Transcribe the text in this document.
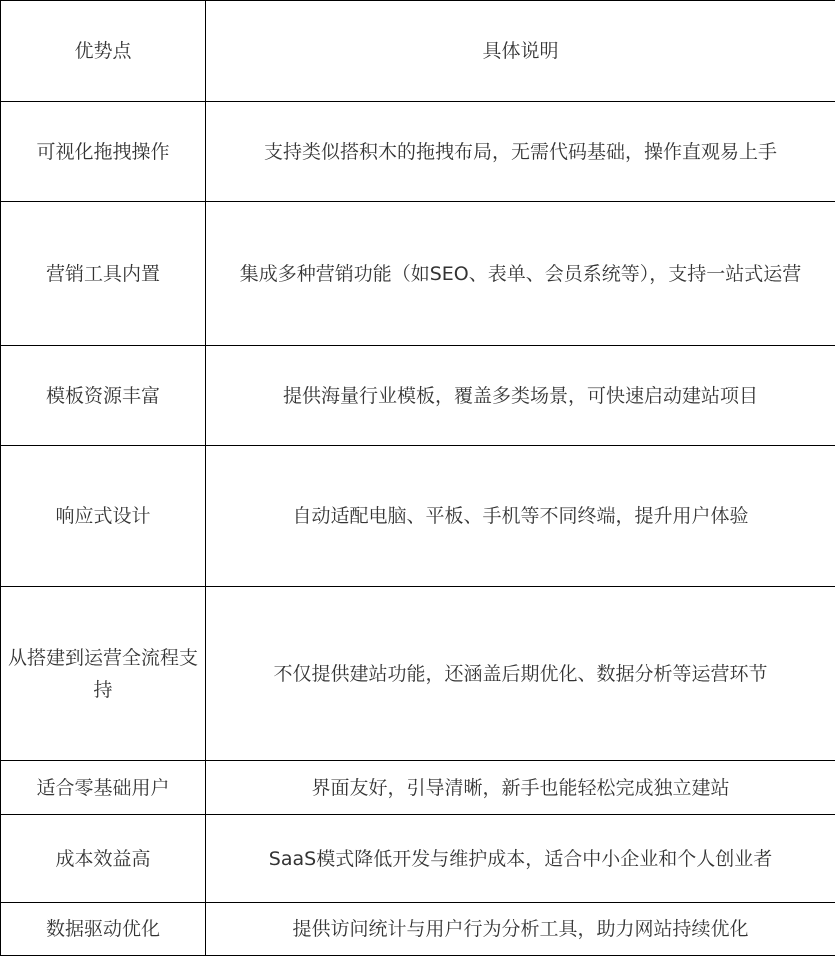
优势点	具体说明
可视化拖拽操作	支持类似搭积木的拖拽布局，无需代码基础，操作直观易上手
营销工具内置	集成多种营销功能（如SEO、表单、会员系统等），支持一站式运营
模板资源丰富	提供海量行业模板，覆盖多类场景，可快速启动建站项目
响应式设计	自动适配电脑、平板、手机等不同终端，提升用户体验
从搭建到运营全流程支持	不仅提供建站功能，还涵盖后期优化、数据分析等运营环节
适合零基础用户	界面友好，引导清晰，新手也能轻松完成独立建站
成本效益高	SaaS模式降低开发与维护成本，适合中小企业和个人创业者
数据驱动优化	提供访问统计与用户行为分析工具，助力网站持续优化
